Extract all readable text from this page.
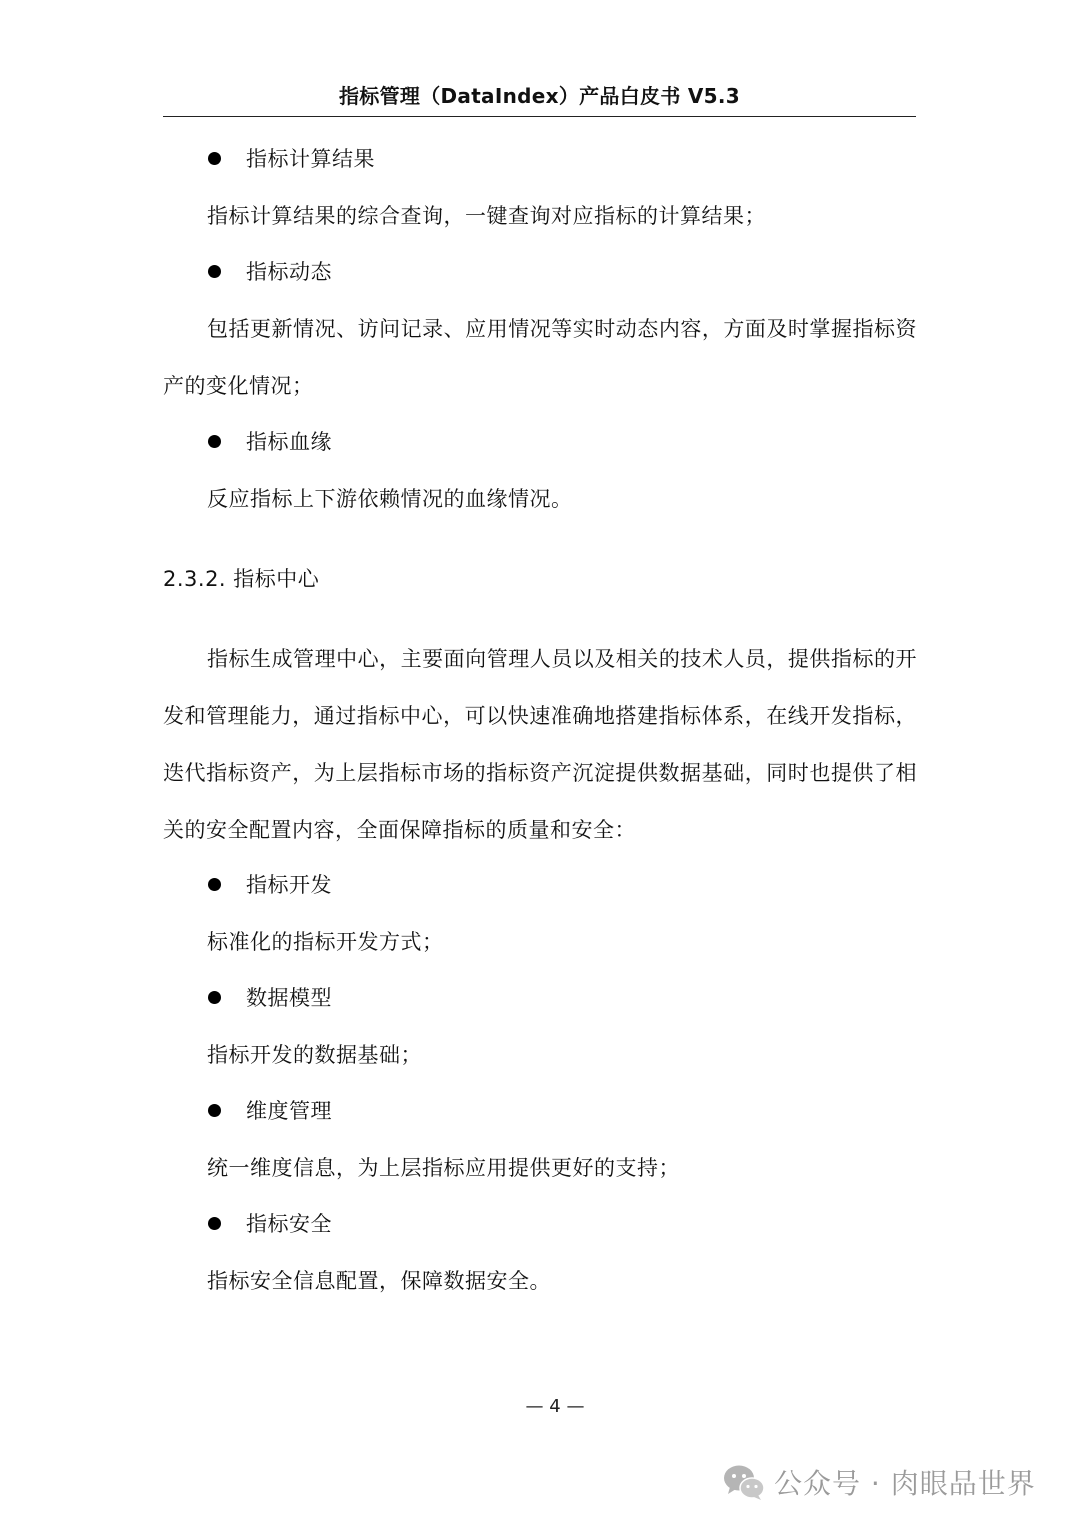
指标管理（DataIndex）产品白皮书 V5.3
指标计算结果
指标计算结果的综合查询，一键查询对应指标的计算结果；
指标动态
包括更新情况、访问记录、应用情况等实时动态内容，方面及时掌握指标资
产的变化情况；
指标血缘
反应指标上下游依赖情况的血缘情况。
2.3.2. 指标中心
指标生成管理中心，主要面向管理人员以及相关的技术人员，提供指标的开
发和管理能力，通过指标中心，可以快速准确地搭建指标体系，在线开发指标，
迭代指标资产，为上层指标市场的指标资产沉淀提供数据基础，同时也提供了相
关的安全配置内容，全面保障指标的质量和安全：
指标开发
标准化的指标开发方式；
数据模型
指标开发的数据基础；
维度管理
统一维度信息，为上层指标应用提供更好的支持；
指标安全
指标安全信息配置，保障数据安全。
— 4 —
公众号 · 肉眼品世界
